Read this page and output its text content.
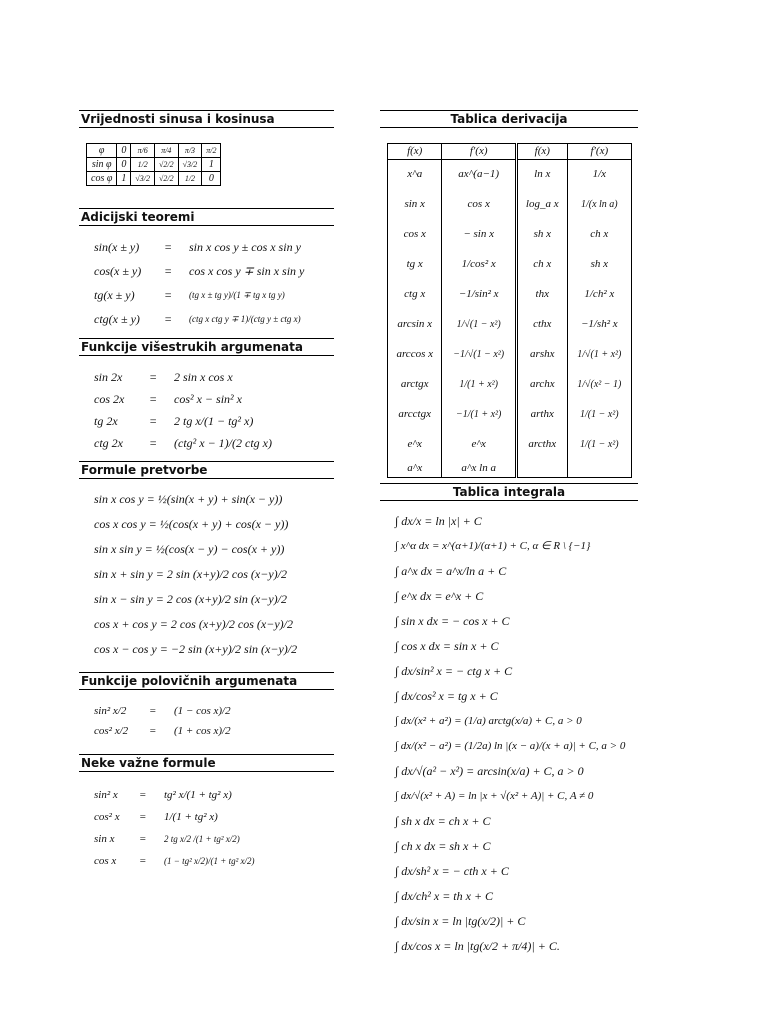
Vrijednosti sinusa i kosinusa
φ	0	π/6	π/4	π/3	π/2
sin φ	0	1/2	√2/2	√3/2	1
cos φ	1	√3/2	√2/2	1/2	0
Adicijski teoremi
sin(x ± y) = sin x cos y ± cos x sin y
cos(x ± y) = cos x cos y ∓ sin x sin y
tg(x ± y) = (tg x ± tg y)/(1 ∓ tg x tg y)
ctg(x ± y) = (ctg x ctg y ∓ 1)/(ctg y ± ctg x)
Funkcije višestrukih argumenata
sin 2x = 2 sin x cos x
cos 2x = cos² x − sin² x
tg 2x	= 2 tg x/(1 − tg² x)
ctg 2x = (ctg² x − 1)/(2 ctg x)
Formule pretvorbe
sin x cos y = ½(sin(x + y) + sin(x − y))
cos x cos y = ½(cos(x + y) + cos(x − y))
sin x sin y = ½(cos(x − y) − cos(x + y))
sin x + sin y = 2 sin (x+y)/2 cos (x−y)/2
sin x − sin y = 2 cos (x+y)/2 sin (x−y)/2
cos x + cos y = 2 cos (x+y)/2 cos (x−y)/2
cos x − cos y = −2 sin (x+y)/2 sin (x−y)/2
Funkcije polovičnih argumenata
sin² x/2 = (1 − cos x)/2
cos² x/2 = (1 + cos x)/2
Neke važne formule
sin² x = tg² x/(1 + tg² x)
cos² x = 1/(1 + tg² x)
sin x = 2 tg x/2 /(1 + tg² x/2)
cos x = (1 − tg² x/2)/(1 + tg² x/2)
Tablica derivacija
f(x)	f′(x)	f(x)	f′(x)
x^a	ax^(a−1)	ln x	1/x
sin x	cos x	log_a x	1/(x ln a)
cos x	− sin x	sh x	ch x
tg x	1/cos² x	ch x	sh x
ctg x	−1/sin² x	thx	1/ch² x
arcsin x	1/√(1 − x²)	cthx	−1/sh² x
arccos x	−1/√(1 − x²)	arshx	1/√(1 + x²)
arctgx	1/(1 + x²)	archx	1/√(x² − 1)
arcctgx	−1/(1 + x²)	arthx	1/(1 − x²)
e^x	e^x	arcthx	1/(1 − x²)
a^x	a^x ln a		
Tablica integrala
∫ dx/x = ln |x| + C
∫ x^α dx = x^(α+1)/(α+1) + C, α ∈ R \ {−1}
∫ a^x dx = a^x/ln a + C
∫ e^x dx = e^x + C
∫ sin x dx = − cos x + C
∫ cos x dx = sin x + C
∫ dx/sin² x = − ctg x + C
∫ dx/cos² x = tg x + C
∫ dx/(x² + a²) = (1/a) arctg(x/a) + C, a > 0
∫ dx/(x² − a²) = (1/2a) ln |(x − a)/(x + a)| + C, a > 0
∫ dx/√(a² − x²) = arcsin(x/a) + C, a > 0
∫ dx/√(x² + A) = ln |x + √(x² + A)| + C, A ≠ 0
∫ sh x dx = ch x + C
∫ ch x dx = sh x + C
∫ dx/sh² x = − cth x + C
∫ dx/ch² x = th x + C
∫ dx/sin x = ln |tg(x/2)| + C
∫ dx/cos x = ln |tg(x/2 + π/4)| + C.
